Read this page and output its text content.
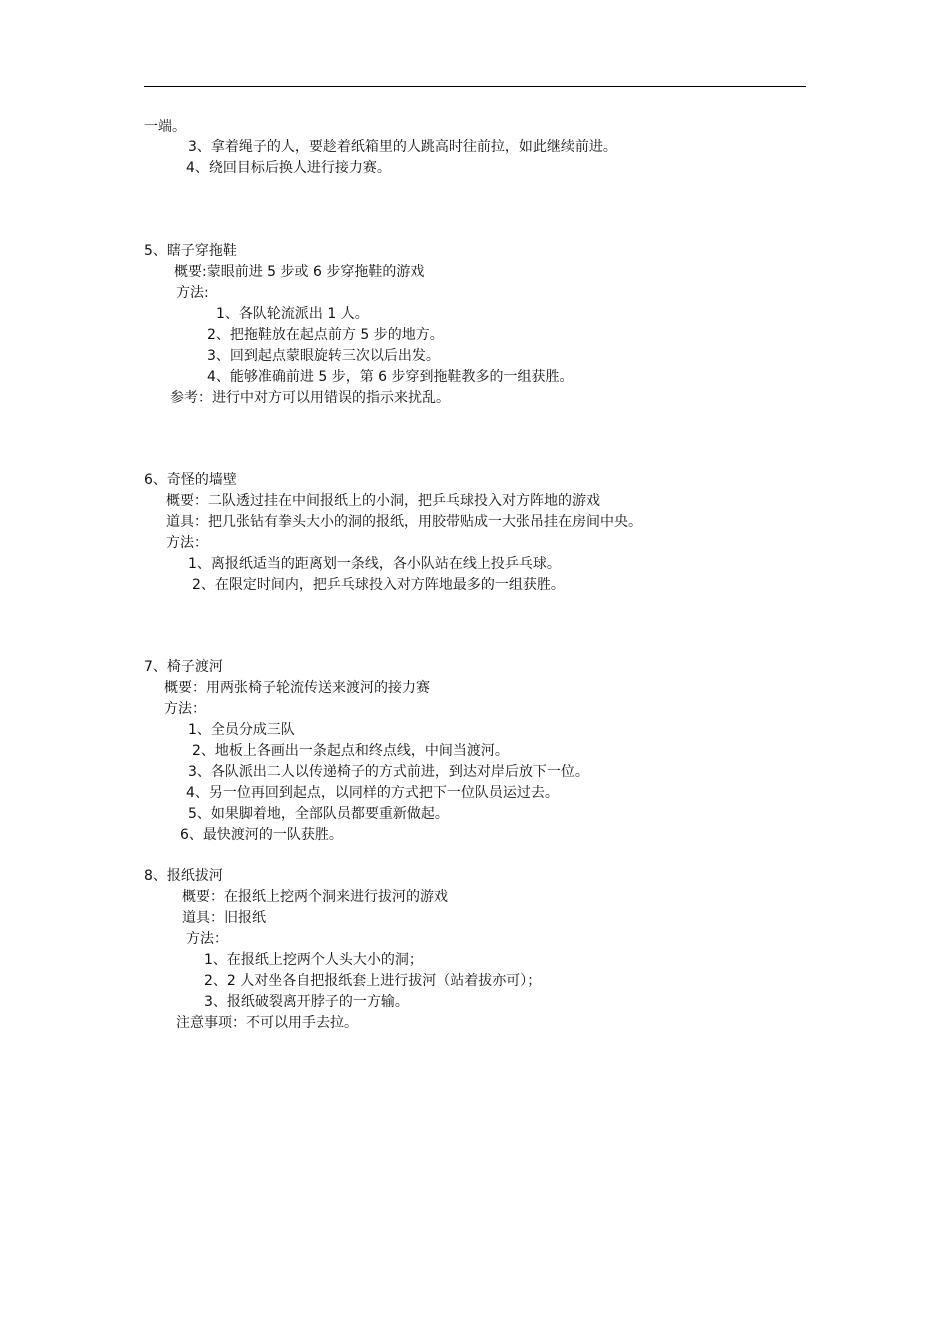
一端。
3、拿着绳子的人，要趁着纸箱里的人跳高时往前拉，如此继续前进。
4、绕回目标后换人进行接力赛。
5、瞎子穿拖鞋
概要:蒙眼前进 5 步或 6 步穿拖鞋的游戏
方法:
1、各队轮流派出 1 人。
2、把拖鞋放在起点前方 5 步的地方。
3、回到起点蒙眼旋转三次以后出发。
4、能够准确前进 5 步，第 6 步穿到拖鞋教多的一组获胜。
参考：进行中对方可以用错误的指示来扰乱。
6、奇怪的墙壁
概要：二队透过挂在中间报纸上的小洞，把乒乓球投入对方阵地的游戏
道具：把几张钻有拳头大小的洞的报纸，用胶带贴成一大张吊挂在房间中央。
方法：
1、离报纸适当的距离划一条线，各小队站在线上投乒乓球。
2、在限定时间内，把乒乓球投入对方阵地最多的一组获胜。
7、椅子渡河
概要：用两张椅子轮流传送来渡河的接力赛
方法：
1、全员分成三队
2、地板上各画出一条起点和终点线，中间当渡河。
3、各队派出二人以传递椅子的方式前进，到达对岸后放下一位。
4、另一位再回到起点，以同样的方式把下一位队员运过去。
5、如果脚着地，全部队员都要重新做起。
6、最快渡河的一队获胜。
8、报纸拔河
概要：在报纸上挖两个洞来进行拔河的游戏
道具：旧报纸
方法：
1、在报纸上挖两个人头大小的洞；
2、2 人对坐各自把报纸套上进行拔河（站着拔亦可）；
3、报纸破裂离开脖子的一方输。
注意事项：不可以用手去拉。
